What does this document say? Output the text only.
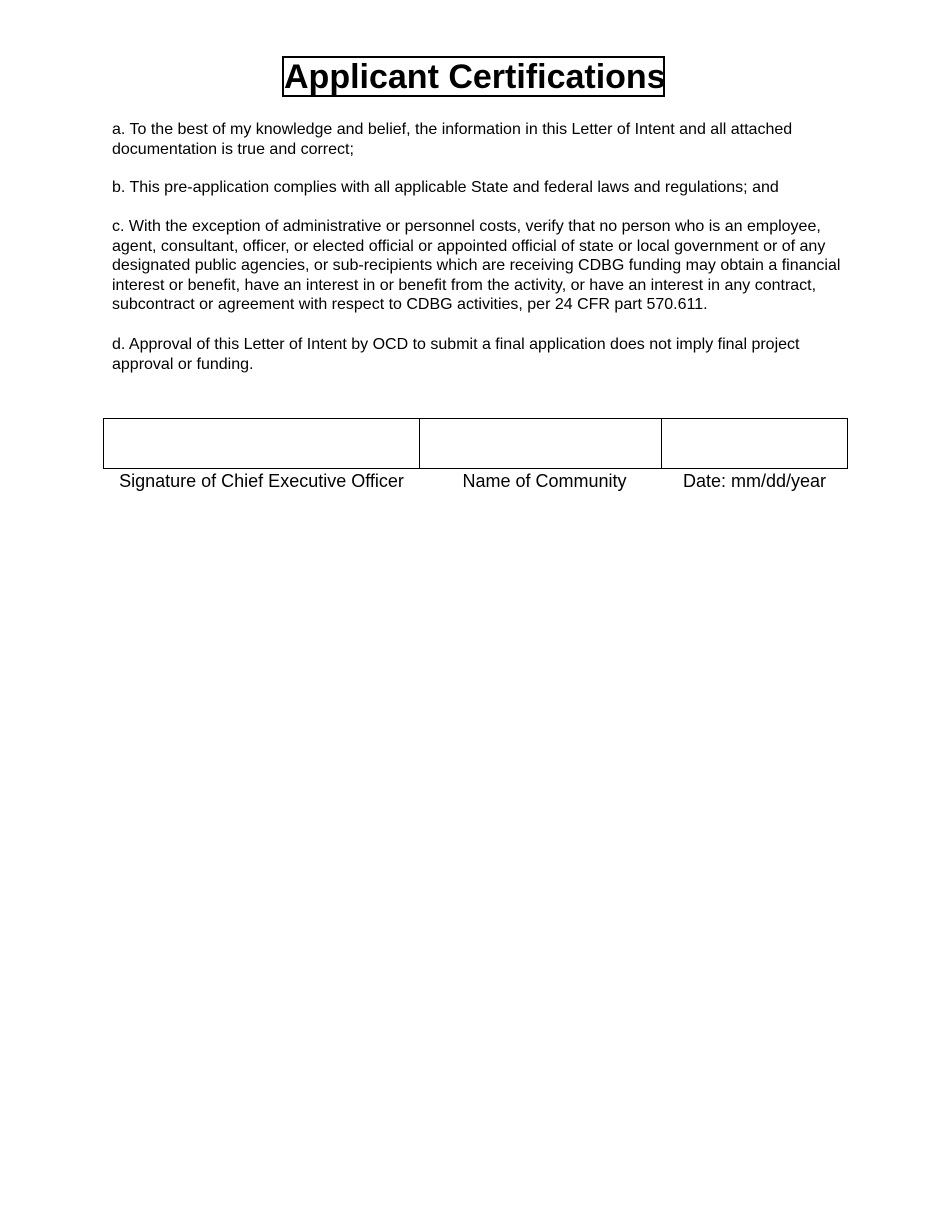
Applicant Certifications

a. To the best of my knowledge and belief, the information in this Letter of Intent and all attached
documentation is true and correct;

b. This pre-application complies with all applicable State and federal laws and regulations; and

c. With the exception of administrative or personnel costs, verify that no person who is an employee,
agent, consultant, officer, or elected official or appointed official of state or local government or of any
designated public agencies, or sub-recipients which are receiving CDBG funding may obtain a financial
interest or benefit, have an interest in or benefit from the activity, or have an interest in any contract,
subcontract or agreement with respect to CDBG activities, per 24 CFR part 570.611.

d. Approval of this Letter of Intent by OCD to submit a final application does not imply final project
approval or funding.

Signature of Chief Executive Officer	Name of Community	Date: mm/dd/year
